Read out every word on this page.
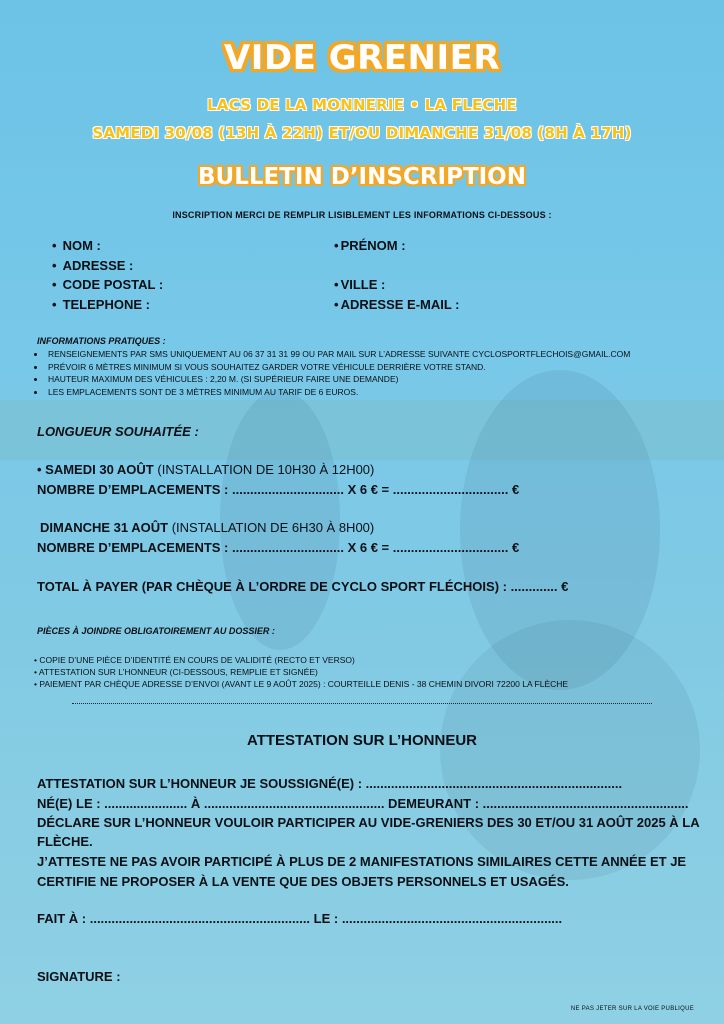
VIDE GRENIER
LACS DE LA MONNERIE • LA FLECHE
SAMEDI 30/08 (13H À 22H) ET/OU DIMANCHE 31/08 (8H À 17H)
BULLETIN D’INSCRIPTION
INSCRIPTION MERCI DE REMPLIR LISIBLEMENT LES INFORMATIONS CI-DESSOUS :
• NOM :	• PRÉNOM :
• ADRESSE :
• CODE POSTAL :	• VILLE :
• TELEPHONE :	• ADRESSE E-MAIL :
INFORMATIONS PRATIQUES :
• RENSEIGNEMENTS PAR SMS UNIQUEMENT AU 06 37 31 31 99 OU PAR MAIL SUR L’ADRESSE SUIVANTE CYCLOSPORTFLECHOIS@GMAIL.COM
• PRÉVOIR 6 MÈTRES MINIMUM SI VOUS SOUHAITEZ GARDER VOTRE VÉHICULE DERRIÈRE VOTRE STAND.
• HAUTEUR MAXIMUM DES VÉHICULES : 2,20 M. (SI SUPÉRIEUR FAIRE UNE DEMANDE)
• LES EMPLACEMENTS SONT DE 3 MÈTRES MINIMUM AU TARIF DE 6 EUROS.
LONGUEUR SOUHAITÉE :
• SAMEDI 30 AOÛT (INSTALLATION DE 10H30 À 12H00)
NOMBRE D’EMPLACEMENTS : ............................... X 6 € = ................................ €
DIMANCHE 31 AOÛT (INSTALLATION DE 6H30 À 8H00)
NOMBRE D’EMPLACEMENTS : ............................... X 6 € = ................................ €
TOTAL À PAYER (PAR CHÈQUE À L’ORDRE DE CYCLO SPORT FLÉCHOIS) : ............. €
PIÈCES À JOINDRE OBLIGATOIREMENT AU DOSSIER :
• COPIE D’UNE PIÈCE D’IDENTITÉ EN COURS DE VALIDITÉ (RECTO ET VERSO)
• ATTESTATION SUR L’HONNEUR (CI-DESSOUS, REMPLIE ET SIGNÉE)
• PAIEMENT PAR CHÈQUE ADRESSE D’ENVOI (AVANT LE 9 AOÛT 2025) : COURTEILLE DENIS - 38 CHEMIN DIVORI 72200 LA FLÈCHE
ATTESTATION SUR L’HONNEUR
ATTESTATION SUR L’HONNEUR JE SOUSSIGNÉ(E) : .......................................................................
NÉ(E) LE : ....................... À .................................................. DEMEURANT : .........................................................
DÉCLARE SUR L’HONNEUR VOULOIR PARTICIPER AU VIDE-GRENIERS DES 30 ET/OU 31 AOÛT 2025 À LA
FLÈCHE.
J’ATTESTE NE PAS AVOIR PARTICIPÉ À PLUS DE 2 MANIFESTATIONS SIMILAIRES CETTE ANNÉE ET JE
CERTIFIE NE PROPOSER À LA VENTE QUE DES OBJETS PERSONNELS ET USAGÉS.
FAIT À : ............................................................. LE : .............................................................
SIGNATURE :
NE PAS JETER SUR LA VOIE PUBLIQUE
